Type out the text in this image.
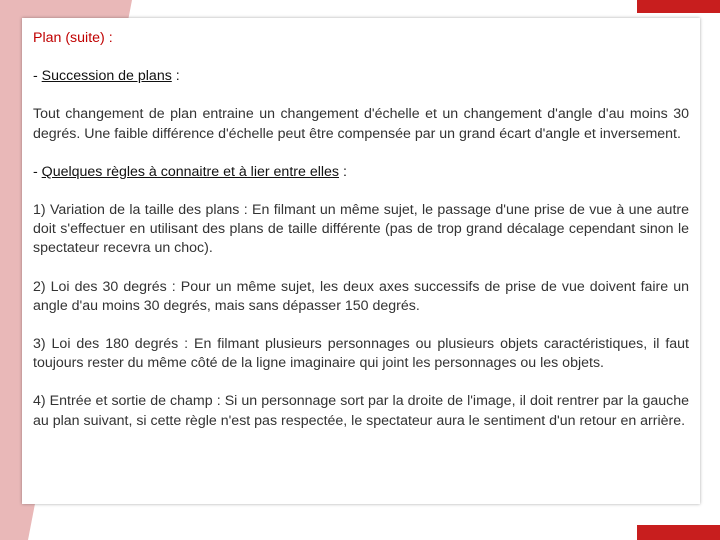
Plan (suite) :

- Succession de plans :

Tout changement de plan entraine un changement d'échelle et un changement d'angle d'au moins 30 degrés. Une faible différence d'échelle peut être compensée par un grand écart d'angle et inversement.

- Quelques règles à connaitre et à lier entre elles :

1) Variation de la taille des plans : En filmant un même sujet, le passage d'une prise de vue à une autre doit s'effectuer en utilisant des plans de taille différente (pas de trop grand décalage cependant sinon le spectateur recevra un choc).

2) Loi des 30 degrés : Pour un même sujet, les deux axes successifs de prise de vue doivent faire un angle d'au moins 30 degrés, mais sans dépasser 150 degrés.

3) Loi des 180 degrés : En filmant plusieurs personnages ou plusieurs objets caractéristiques, il faut toujours rester du même côté de la ligne imaginaire qui joint les personnages ou les objets.

4) Entrée et sortie de champ : Si un personnage sort par la droite de l'image, il doit rentrer par la gauche au plan suivant, si cette règle n'est pas respectée, le spectateur aura le sentiment d'un retour en arrière.
